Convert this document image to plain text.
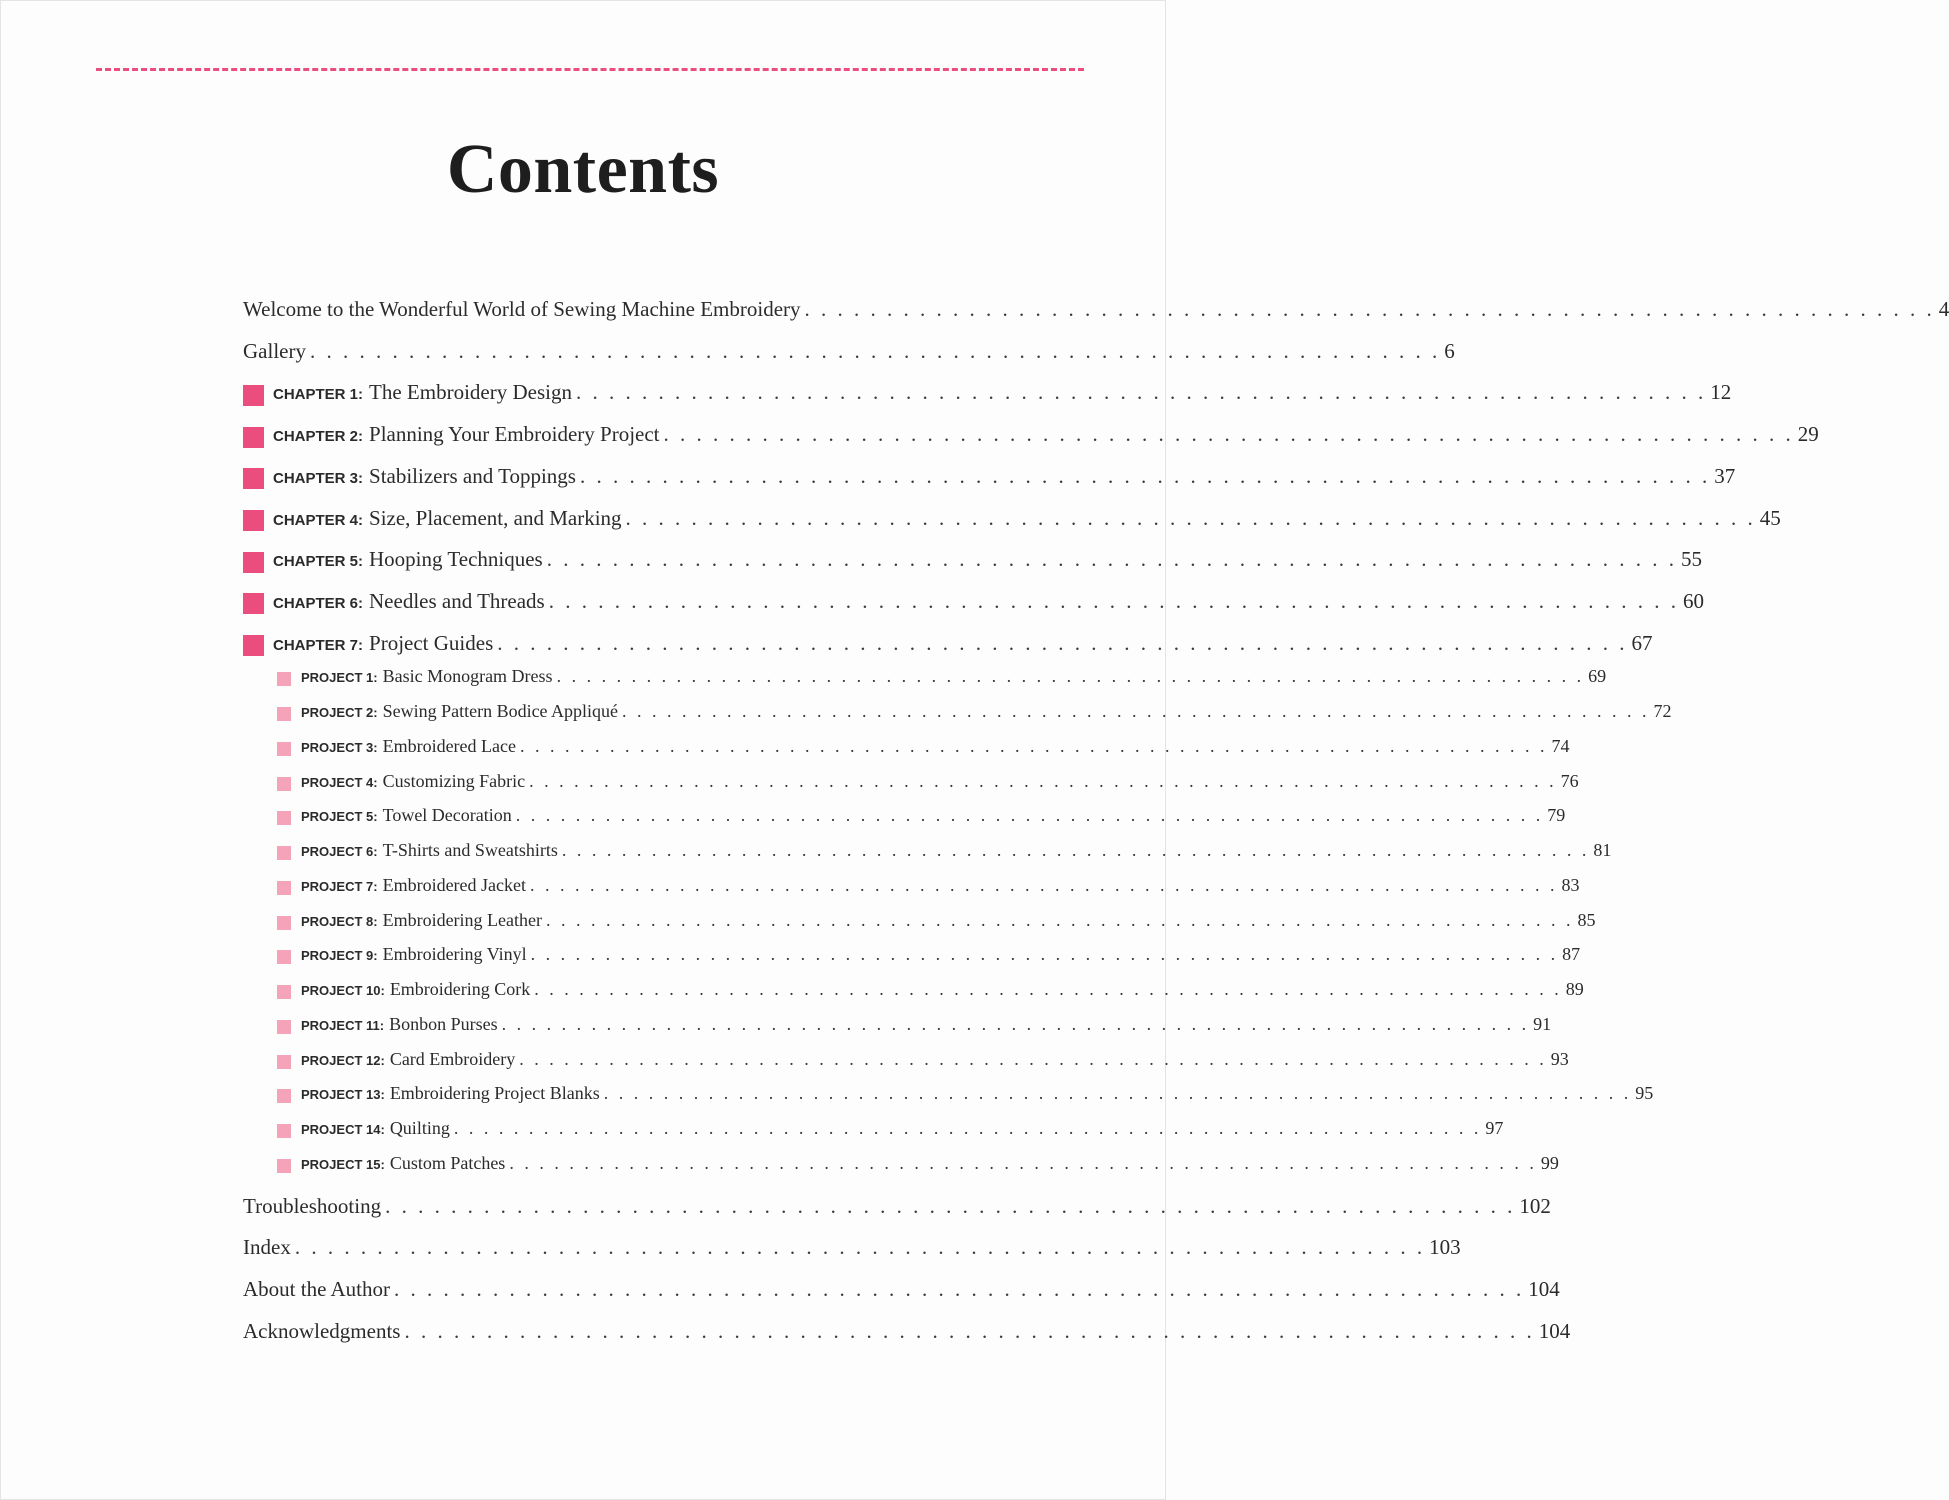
Contents
Welcome to the Wonderful World of Sewing Machine Embroidery . . . . . . . . . . . . . . . . . . . . . . . . . . . . . . . . . . . . . . . . . . . . . . . . . . . . . . . . . . . . . . . . . . . . . 4
Gallery . . . . . . . . . . . . . . . . . . . . . . . . . . . . . . . . . . . . . . . . . . . . . . . . . . . . . . . . . . . . . . . . . . . . . 6
CHAPTER 1: The Embroidery Design . . . . . . . . . . . . . . . . . . . . . . . . . . . . . . . . . . . . . . . . . . . . . . . . . . . . . . . . . . . . . . . . . . . . . 12
CHAPTER 2: Planning Your Embroidery Project . . . . . . . . . . . . . . . . . . . . . . . . . . . . . . . . . . . . . . . . . . . . . . . . . . . . . . . . . . . . . . . . . . . . . 29
CHAPTER 3: Stabilizers and Toppings . . . . . . . . . . . . . . . . . . . . . . . . . . . . . . . . . . . . . . . . . . . . . . . . . . . . . . . . . . . . . . . . . . . . . 37
CHAPTER 4: Size, Placement, and Marking . . . . . . . . . . . . . . . . . . . . . . . . . . . . . . . . . . . . . . . . . . . . . . . . . . . . . . . . . . . . . . . . . . . . . 45
CHAPTER 5: Hooping Techniques . . . . . . . . . . . . . . . . . . . . . . . . . . . . . . . . . . . . . . . . . . . . . . . . . . . . . . . . . . . . . . . . . . . . . 55
CHAPTER 6: Needles and Threads . . . . . . . . . . . . . . . . . . . . . . . . . . . . . . . . . . . . . . . . . . . . . . . . . . . . . . . . . . . . . . . . . . . . . 60
CHAPTER 7: Project Guides . . . . . . . . . . . . . . . . . . . . . . . . . . . . . . . . . . . . . . . . . . . . . . . . . . . . . . . . . . . . . . . . . . . . . 67
PROJECT 1: Basic Monogram Dress . . . . . . . . . . . . . . . . . . . . . . . . . . . . . . . . . . . . . . . . . . . . . . . . . . . . . . . . . . . . . . . . . . . . . 69
PROJECT 2: Sewing Pattern Bodice Appliqué . . . . . . . . . . . . . . . . . . . . . . . . . . . . . . . . . . . . . . . . . . . . . . . . . . . . . . . . . . . . . . . . . . . . . 72
PROJECT 3: Embroidered Lace . . . . . . . . . . . . . . . . . . . . . . . . . . . . . . . . . . . . . . . . . . . . . . . . . . . . . . . . . . . . . . . . . . . . . 74
PROJECT 4: Customizing Fabric . . . . . . . . . . . . . . . . . . . . . . . . . . . . . . . . . . . . . . . . . . . . . . . . . . . . . . . . . . . . . . . . . . . . . 76
PROJECT 5: Towel Decoration . . . . . . . . . . . . . . . . . . . . . . . . . . . . . . . . . . . . . . . . . . . . . . . . . . . . . . . . . . . . . . . . . . . . . 79
PROJECT 6: T-Shirts and Sweatshirts . . . . . . . . . . . . . . . . . . . . . . . . . . . . . . . . . . . . . . . . . . . . . . . . . . . . . . . . . . . . . . . . . . . . . 81
PROJECT 7: Embroidered Jacket . . . . . . . . . . . . . . . . . . . . . . . . . . . . . . . . . . . . . . . . . . . . . . . . . . . . . . . . . . . . . . . . . . . . . 83
PROJECT 8: Embroidering Leather . . . . . . . . . . . . . . . . . . . . . . . . . . . . . . . . . . . . . . . . . . . . . . . . . . . . . . . . . . . . . . . . . . . . . 85
PROJECT 9: Embroidering Vinyl . . . . . . . . . . . . . . . . . . . . . . . . . . . . . . . . . . . . . . . . . . . . . . . . . . . . . . . . . . . . . . . . . . . . . 87
PROJECT 10: Embroidering Cork . . . . . . . . . . . . . . . . . . . . . . . . . . . . . . . . . . . . . . . . . . . . . . . . . . . . . . . . . . . . . . . . . . . . . 89
PROJECT 11: Bonbon Purses . . . . . . . . . . . . . . . . . . . . . . . . . . . . . . . . . . . . . . . . . . . . . . . . . . . . . . . . . . . . . . . . . . . . . 91
PROJECT 12: Card Embroidery . . . . . . . . . . . . . . . . . . . . . . . . . . . . . . . . . . . . . . . . . . . . . . . . . . . . . . . . . . . . . . . . . . . . . 93
PROJECT 13: Embroidering Project Blanks . . . . . . . . . . . . . . . . . . . . . . . . . . . . . . . . . . . . . . . . . . . . . . . . . . . . . . . . . . . . . . . . . . . . . 95
PROJECT 14: Quilting . . . . . . . . . . . . . . . . . . . . . . . . . . . . . . . . . . . . . . . . . . . . . . . . . . . . . . . . . . . . . . . . . . . . . 97
PROJECT 15: Custom Patches . . . . . . . . . . . . . . . . . . . . . . . . . . . . . . . . . . . . . . . . . . . . . . . . . . . . . . . . . . . . . . . . . . . . . 99
Troubleshooting . . . . . . . . . . . . . . . . . . . . . . . . . . . . . . . . . . . . . . . . . . . . . . . . . . . . . . . . . . . . . . . . . . . . . 102
Index . . . . . . . . . . . . . . . . . . . . . . . . . . . . . . . . . . . . . . . . . . . . . . . . . . . . . . . . . . . . . . . . . . . . . 103
About the Author . . . . . . . . . . . . . . . . . . . . . . . . . . . . . . . . . . . . . . . . . . . . . . . . . . . . . . . . . . . . . . . . . . . . . 104
Acknowledgments . . . . . . . . . . . . . . . . . . . . . . . . . . . . . . . . . . . . . . . . . . . . . . . . . . . . . . . . . . . . . . . . . . . . . 104
